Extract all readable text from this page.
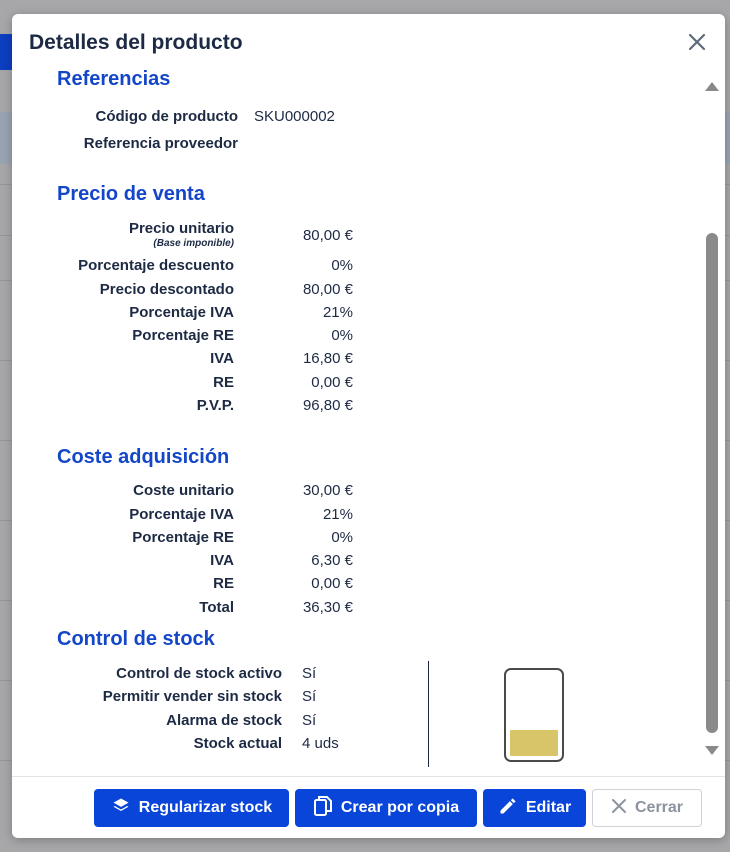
Detalles del producto
Referencias
Código de producto SKU000002
Referencia proveedor
Precio de venta
Precio unitario
(Base imponible)	80,00 €
Porcentaje descuento	0%
Precio descontado	80,00 €
Porcentaje IVA	21%
Porcentaje RE	0%
IVA	16,80 €
RE	0,00 €
P.V.P.	96,80 €
Coste adquisición
Coste unitario	30,00 €
Porcentaje IVA	21%
Porcentaje RE	0%
IVA	6,30 €
RE	0,00 €
Total	36,30 €
Control de stock
Control de stock activo Sí
Permitir vender sin stock Sí
Alarma de stock Sí
Stock actual 4 uds
Regularizar stock	Crear por copia	Editar	Cerrar
